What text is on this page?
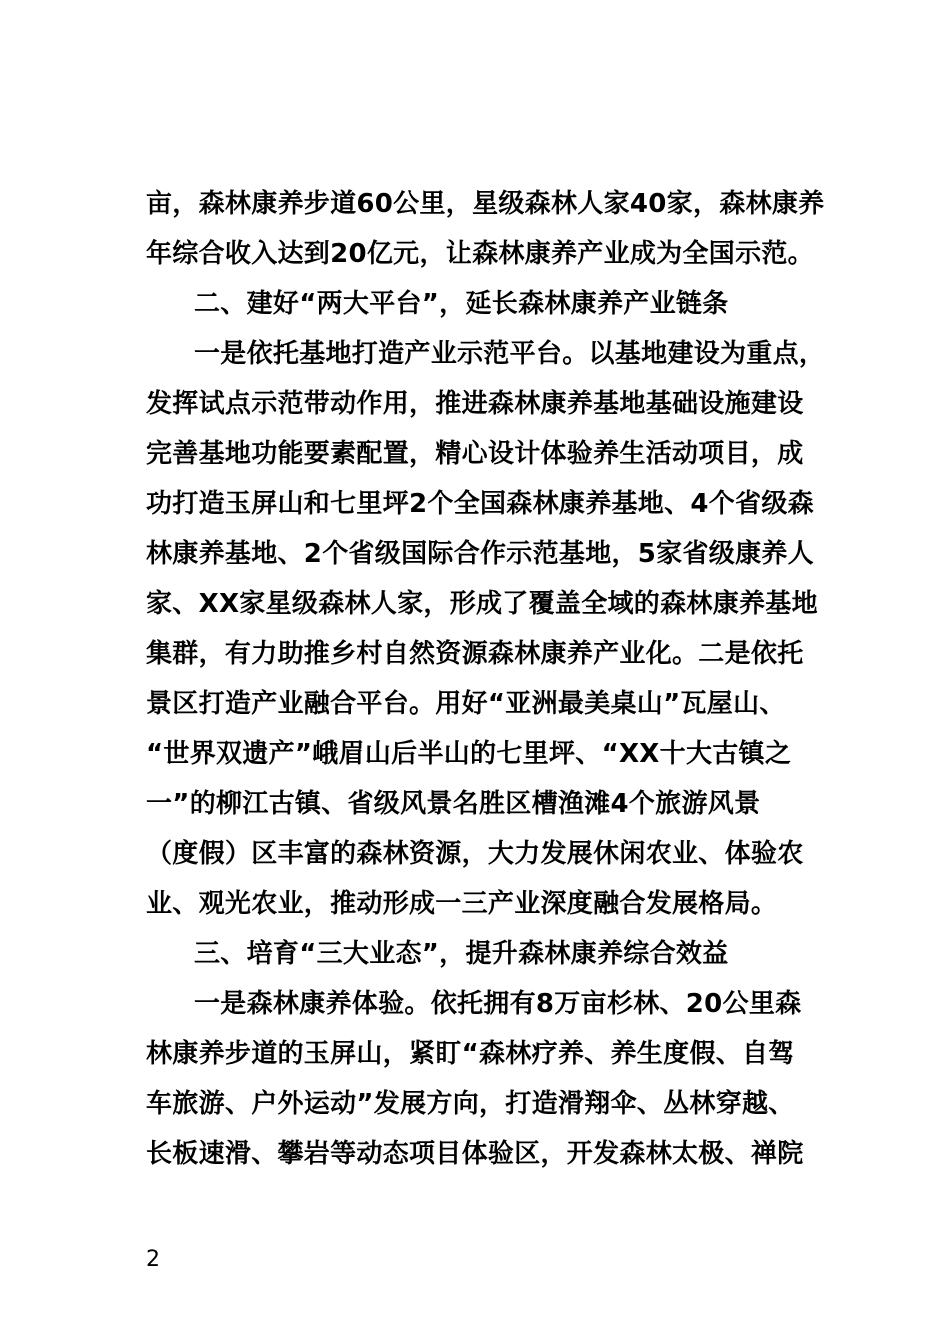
亩，森林康养步道60公里，星级森林人家40家，森林康养
年综合收入达到20亿元，让森林康养产业成为全国示范。
二、建好“两大平台”，延长森林康养产业链条
一是依托基地打造产业示范平台。以基地建设为重点，
发挥试点示范带动作用，推进森林康养基地基础设施建设
完善基地功能要素配置，精心设计体验养生活动项目，成
功打造玉屏山和七里坪2个全国森林康养基地、4个省级森
林康养基地、2个省级国际合作示范基地，5家省级康养人
家、XX家星级森林人家，形成了覆盖全域的森林康养基地
集群，有力助推乡村自然资源森林康养产业化。二是依托
景区打造产业融合平台。用好“亚洲最美桌山”瓦屋山、
“世界双遗产”峨眉山后半山的七里坪、“XX十大古镇之
一”的柳江古镇、省级风景名胜区槽渔滩4个旅游风景
（度假）区丰富的森林资源，大力发展休闲农业、体验农
业、观光农业，推动形成一三产业深度融合发展格局。
三、培育“三大业态”，提升森林康养综合效益
一是森林康养体验。依托拥有8万亩杉林、20公里森
林康养步道的玉屏山，紧盯“森林疗养、养生度假、自驾
车旅游、户外运动”发展方向，打造滑翔伞、丛林穿越、
长板速滑、攀岩等动态项目体验区，开发森林太极、禅院
2
